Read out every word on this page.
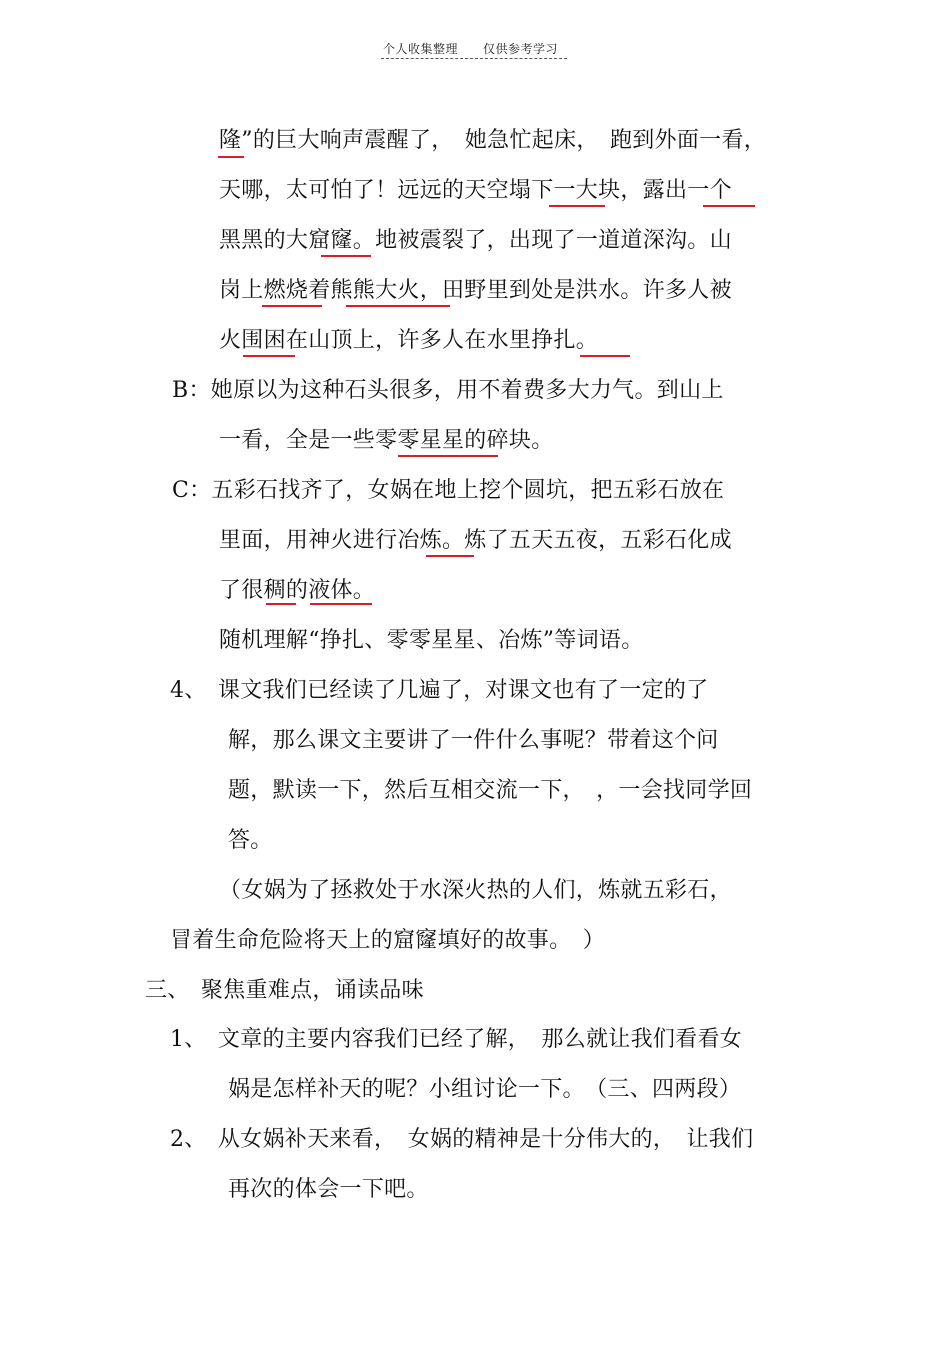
个人收集整理 仅供参考学习
隆”的巨大响声震醒了，　她急忙起床，　跑到外面一看，
天哪，太可怕了！远远的天空塌下一大块，露出一个
黑黑的大窟窿。地被震裂了，出现了一道道深沟。山
岗上燃烧着熊熊大火，田野里到处是洪水。许多人被
火围困在山顶上，许多人在水里挣扎。
B：她原以为这种石头很多，用不着费多大力气。到山上
一看，全是一些零零星星的碎块。
C：五彩石找齐了，女娲在地上挖个圆坑，把五彩石放在
里面，用神火进行冶炼。炼了五天五夜，五彩石化成
了很稠的液体。
随机理解“挣扎、零零星星、冶炼”等词语。
4、　课文我们已经读了几遍了，对课文也有了一定的了
解，那么课文主要讲了一件什么事呢？带着这个问
题，默读一下，然后互相交流一下，　，一会找同学回
答。
（女娲为了拯救处于水深火热的人们，炼就五彩石，
冒着生命危险将天上的窟窿填好的故事。　）
三、　聚焦重难点，诵读品味
1、　文章的主要内容我们已经了解，　那么就让我们看看女
娲是怎样补天的呢？小组讨论一下。　（三、四两段）
2、　从女娲补天来看，　女娲的精神是十分伟大的，　让我们
再次的体会一下吧。
